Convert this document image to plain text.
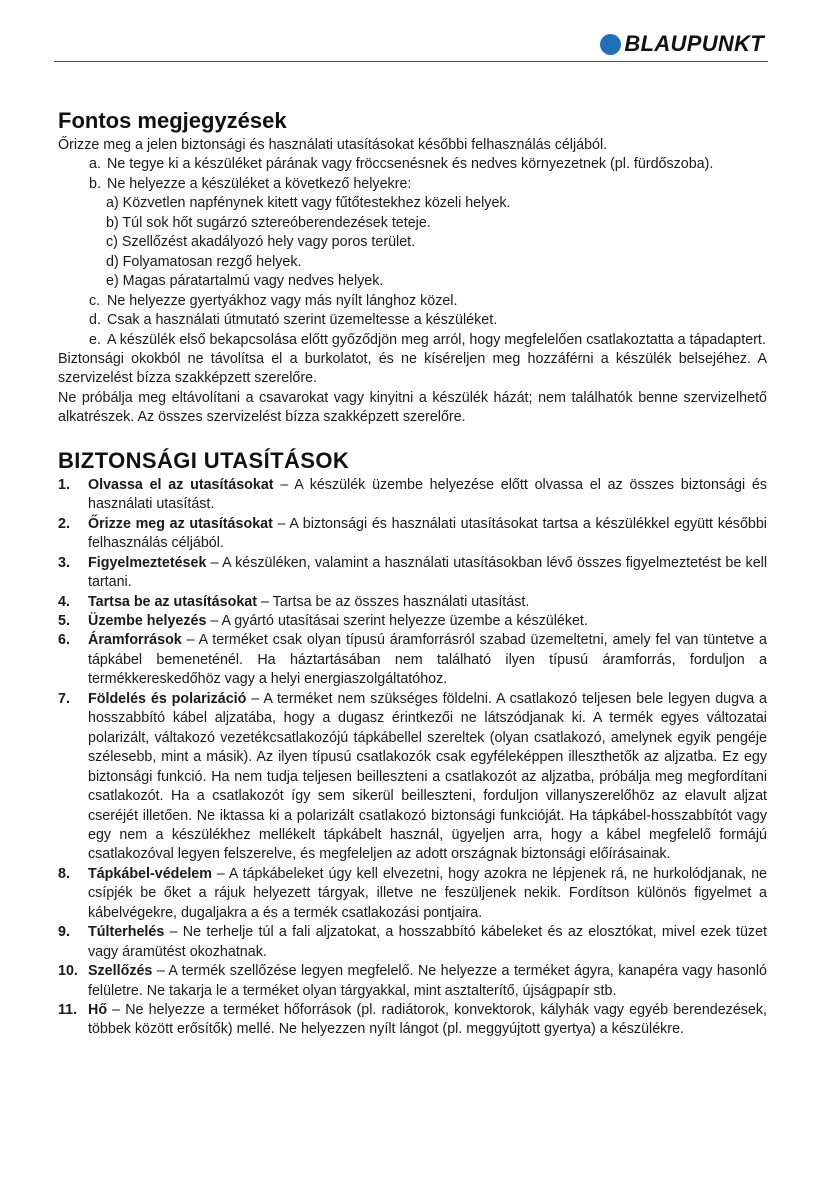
BLAUPUNKT
Fontos megjegyzések

Őrizze meg a jelen biztonsági és használati utasításokat későbbi felhasználás céljából.

a. Ne tegye ki a készüléket párának vagy fröccsenésnek és nedves környezetnek (pl. fürdőszoba).
b. Ne helyezze a készüléket a következő helyekre:
a) Közvetlen napfénynek kitett vagy fűtőtestekhez közeli helyek.
b) Túl sok hőt sugárzó sztereóberendezések teteje.
c) Szellőzést akadályozó hely vagy poros terület.
d) Folyamatosan rezgő helyek.
e) Magas páratartalmú vagy nedves helyek.
c. Ne helyezze gyertyákhoz vagy más nyílt lánghoz közel.
d. Csak a használati útmutató szerint üzemeltesse a készüléket.
e. A készülék első bekapcsolása előtt győződjön meg arról, hogy megfelelően csatlakoztatta a tápadaptert.

Biztonsági okokból ne távolítsa el a burkolatot, és ne kíséreljen meg hozzáférni a készülék belsejéhez. A szervizelést bízza szakképzett szerelőre.

Ne próbálja meg eltávolítani a csavarokat vagy kinyitni a készülék házát; nem találhatók benne szervizelhető alkatrészek. Az összes szervizelést bízza szakképzett szerelőre.

BIZTONSÁGI UTASÍTÁSOK
1. Olvassa el az utasításokat – A készülék üzembe helyezése előtt olvassa el az összes biztonsági és használati utasítást.
2. Őrizze meg az utasításokat – A biztonsági és használati utasításokat tartsa a készülékkel együtt későbbi felhasználás céljából.
3. Figyelmeztetések – A készüléken, valamint a használati utasításokban lévő összes figyelmeztetést be kell tartani.
4. Tartsa be az utasításokat – Tartsa be az összes használati utasítást.
5. Üzembe helyezés – A gyártó utasításai szerint helyezze üzembe a készüléket.
6. Áramforrások – A terméket csak olyan típusú áramforrásról szabad üzemeltetni, amely fel van tüntetve a tápkábel bemeneténél. Ha háztartásában nem található ilyen típusú áramforrás, forduljon a termékkereskedőhöz vagy a helyi energiaszolgáltatóhoz.
7. Földelés és polarizáció – A terméket nem szükséges földelni. A csatlakozó teljesen bele legyen dugva a hosszabbító kábel aljzatába, hogy a dugasz érintkezői ne látszódjanak ki. A termék egyes változatai polarizált, váltakozó vezetékcsatlakozójú tápkábellel szereltek (olyan csatlakozó, amelynek egyik pengéje szélesebb, mint a másik). Az ilyen típusú csatlakozók csak egyféleképpen illeszthetők az aljzatba. Ez egy biztonsági funkció. Ha nem tudja teljesen beilleszteni a csatlakozót az aljzatba, próbálja meg megfordítani csatlakozót. Ha a csatlakozót így sem sikerül beilleszteni, forduljon villanyszerelőhöz az elavult aljzat cseréjét illetően. Ne iktassa ki a polarizált csatlakozó biztonsági funkcióját. Ha tápkábel-hosszabbítót vagy egy nem a készülékhez mellékelt tápkábelt használ, ügyeljen arra, hogy a kábel megfelelő formájú csatlakozóval legyen felszerelve, és megfeleljen az adott országnak biztonsági előírásainak.
8. Tápkábel-védelem – A tápkábeleket úgy kell elvezetni, hogy azokra ne lépjenek rá, ne hurkolódjanak, ne csípjék be őket a rájuk helyezett tárgyak, illetve ne feszüljenek nekik. Fordítson különös figyelmet a kábelvégekre, dugaljakra a és a termék csatlakozási pontjaira.
9. Túlterhelés – Ne terhelje túl a fali aljzatokat, a hosszabbító kábeleket és az elosztókat, mivel ezek tüzet vagy áramütést okozhatnak.
10. Szellőzés – A termék szellőzése legyen megfelelő. Ne helyezze a terméket ágyra, kanapéra vagy hasonló felületre. Ne takarja le a terméket olyan tárgyakkal, mint asztalterítő, újságpapír stb.
11. Hő – Ne helyezze a terméket hőforrások (pl. radiátorok, konvektorok, kályhák vagy egyéb berendezések, többek között erősítők) mellé. Ne helyezzen nyílt lángot (pl. meggyújtott gyertya) a készülékre.
